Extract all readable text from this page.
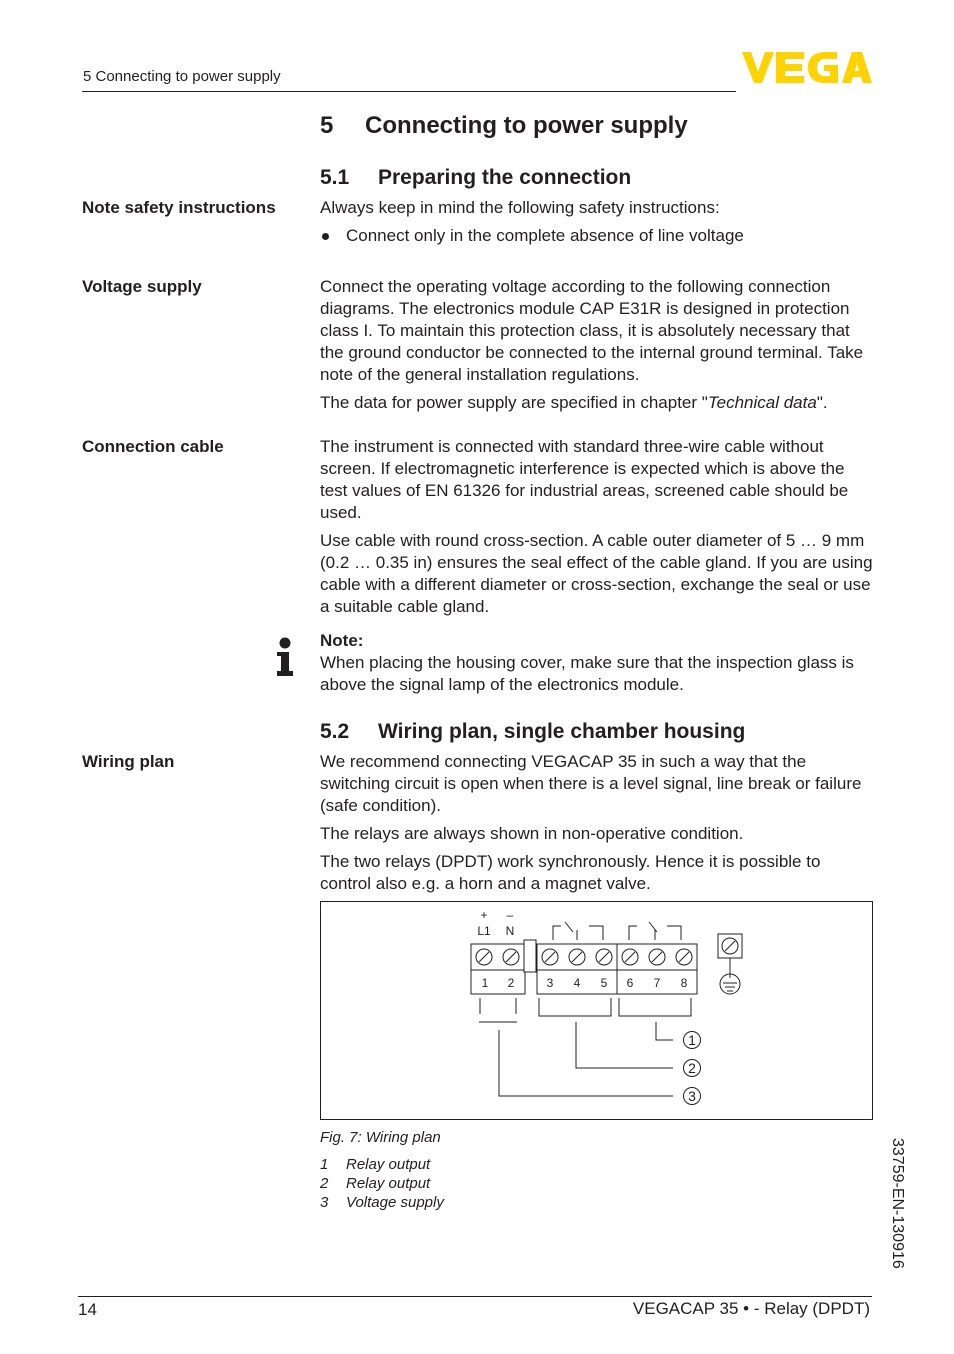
5 Connecting to power supply
5 Connecting to power supply
5.1 Preparing the connection
Note safety instructions	Always keep in mind the following safety instructions:

Connect only in the complete absence of line voltage
Voltage supply	Connect the operating voltage according to the following connection diagrams. The electronics module CAP E31R is designed in protection class I. To maintain this protection class, it is absolutely necessary that the ground conductor be connected to the internal ground terminal. Take note of the general installation regulations.

The data for power supply are specified in chapter "Technical data".

Connection cable	The instrument is connected with standard three-wire cable without screen. If electromagnetic interference is expected which is above the test values of EN 61326 for industrial areas, screened cable should be used.

Use cable with round cross-section. A cable outer diameter of 5 … 9 mm (0.2 … 0.35 in) ensures the seal effect of the cable gland. If you are using cable with a different diameter or cross-section, exchange the seal or use a suitable cable gland.

Note:

When placing the housing cover, make sure that the inspection glass is above the signal lamp of the electronics module.

5.2 Wiring plan, single chamber housing
Wiring plan	We recommend connecting VEGACAP 35 in such a way that the switching circuit is open when there is a level signal, line break or failure (safe condition).

The relays are always shown in non-operative condition.

The two relays (DPDT) work synchronously. Hence it is possible to control also e.g. a horn and a magnet valve.

+ –
L1 N
1 2	3 4 5 6 7 8
1
2
3
Fig. 7: Wiring plan
1 Relay output
2 Relay output
3 Voltage supply	33759-EN-130916
14	VEGACAP 35 • - Relay (DPDT)
